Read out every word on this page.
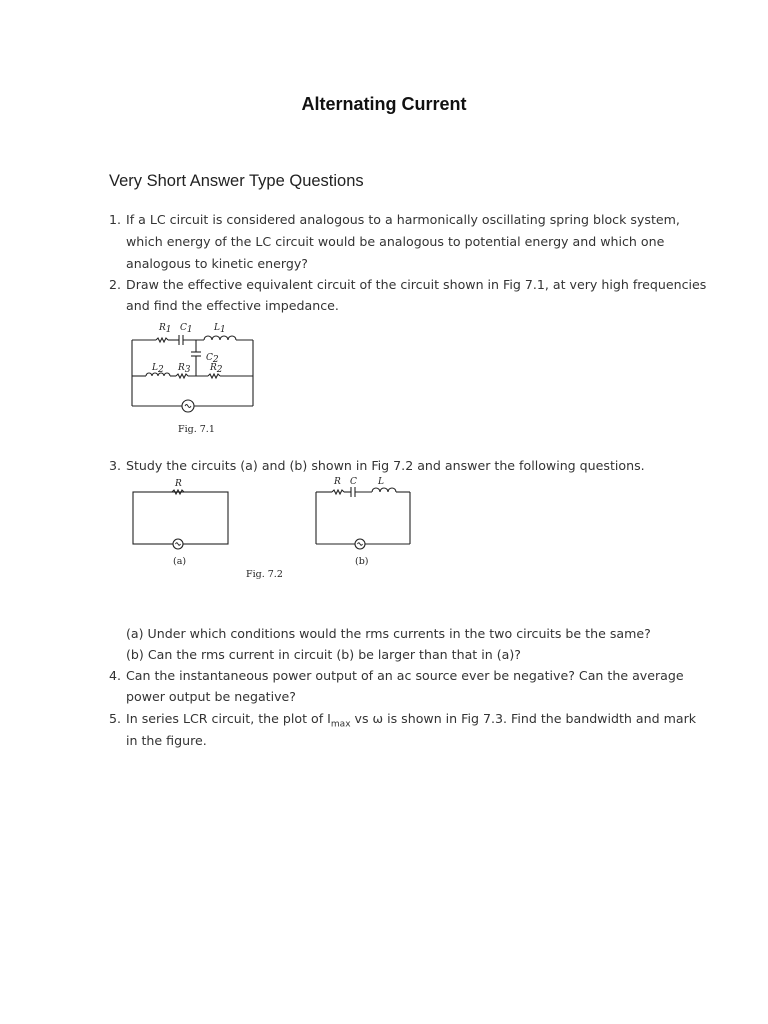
Alternating Current
Very Short Answer Type Questions
1. If a LC circuit is considered analogous to a harmonically oscillating spring block system,
which energy of the LC circuit would be analogous to potential energy and which one
analogous to kinetic energy?
2. Draw the effective equivalent circuit of the circuit shown in Fig 7.1, at very high frequencies
and find the effective impedance.
R1 C1 L1
C2
L2 R3 R2
Fig. 7.1
3. Study the circuits (a) and (b) shown in Fig 7.2 and answer the following questions.
R	R C L
(a)	(b)
Fig. 7.2
(a) Under which conditions would the rms currents in the two circuits be the same?
(b) Can the rms current in circuit (b) be larger than that in (a)?
4. Can the instantaneous power output of an ac source ever be negative? Can the average
power output be negative?
5. In series LCR circuit, the plot of $I_{max}$ vs ω is shown in Fig 7.3. Find the bandwidth and mark
in the figure.
